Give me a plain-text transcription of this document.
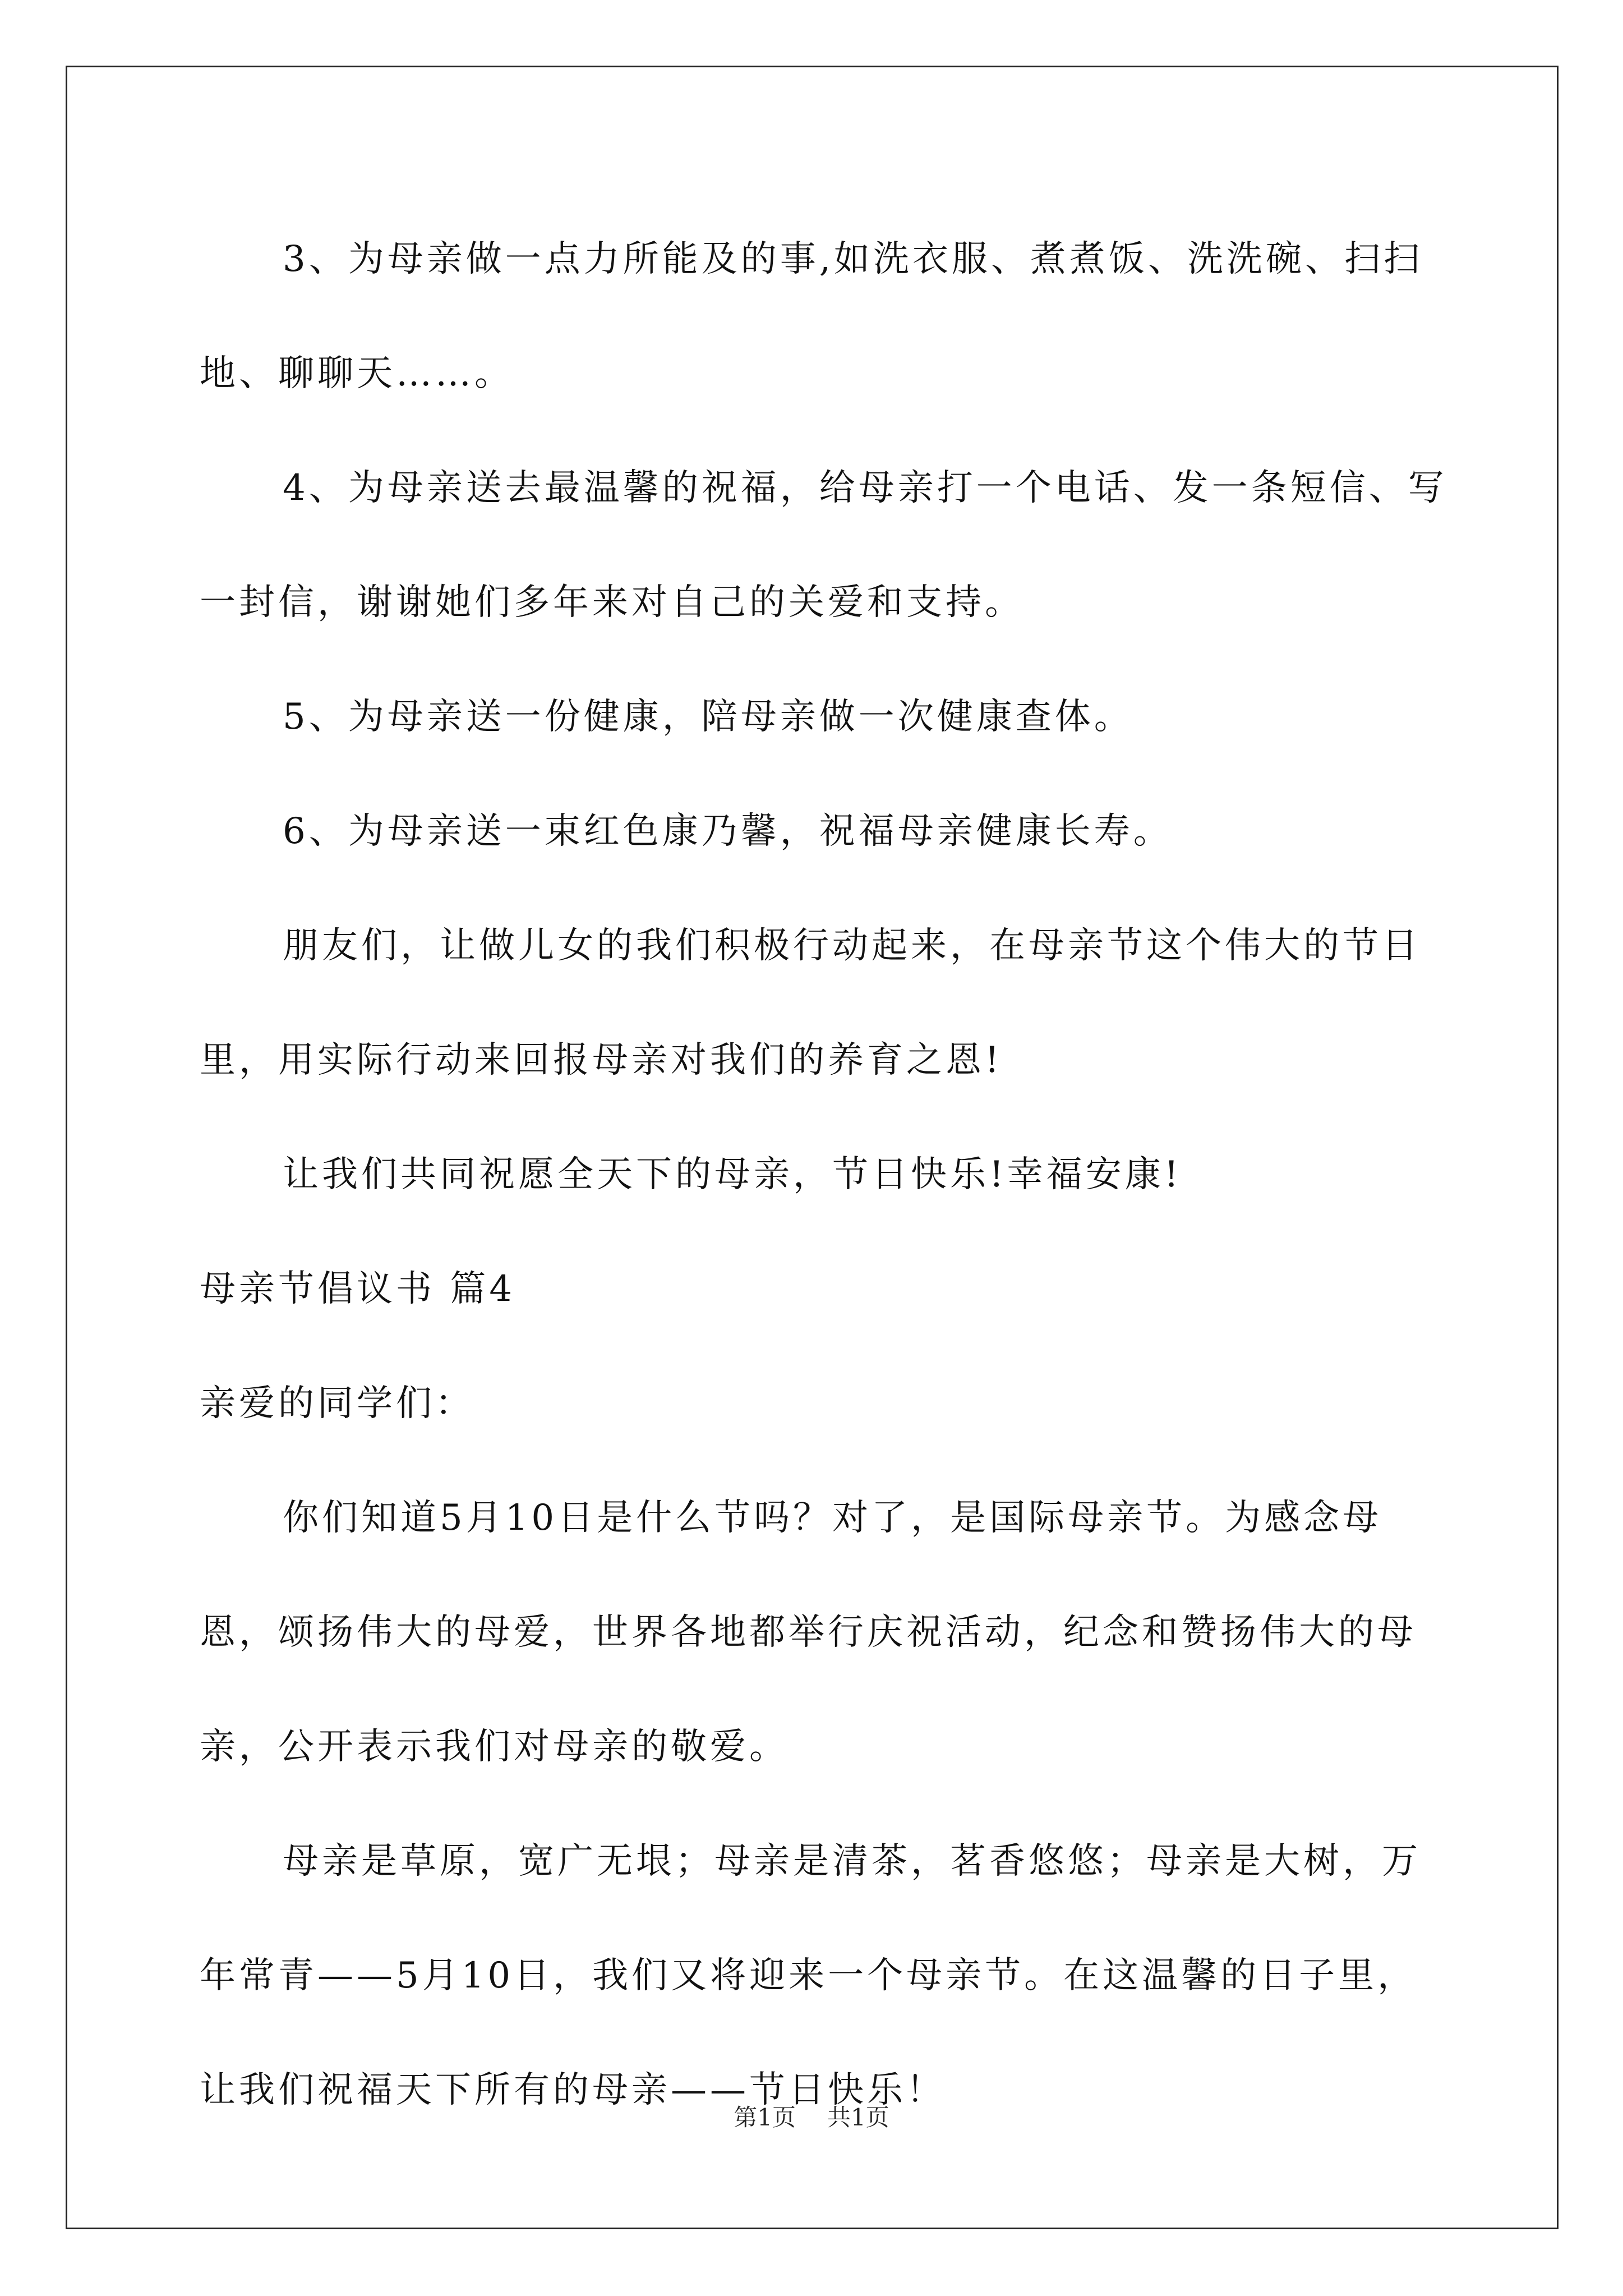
3、为母亲做一点力所能及的事,如洗衣服、煮煮饭、洗洗碗、扫扫地、聊聊天……。

4、为母亲送去最温馨的祝福，给母亲打一个电话、发一条短信、写一封信，谢谢她们多年来对自己的关爱和支持。

5、为母亲送一份健康，陪母亲做一次健康查体。

6、为母亲送一束红色康乃馨，祝福母亲健康长寿。

朋友们，让做儿女的我们积极行动起来，在母亲节这个伟大的节日里，用实际行动来回报母亲对我们的养育之恩!

让我们共同祝愿全天下的母亲，节日快乐!幸福安康!

母亲节倡议书 篇4

亲爱的同学们：

你们知道5月10日是什么节吗？对了，是国际母亲节。为感念母恩，颂扬伟大的母爱，世界各地都举行庆祝活动，纪念和赞扬伟大的母亲，公开表示我们对母亲的敬爱。

母亲是草原，宽广无垠；母亲是清茶，茗香悠悠；母亲是大树，万年常青——5月10日，我们又将迎来一个母亲节。在这温馨的日子里，让我们祝福天下所有的母亲——节日快乐！

第1页 共1页
